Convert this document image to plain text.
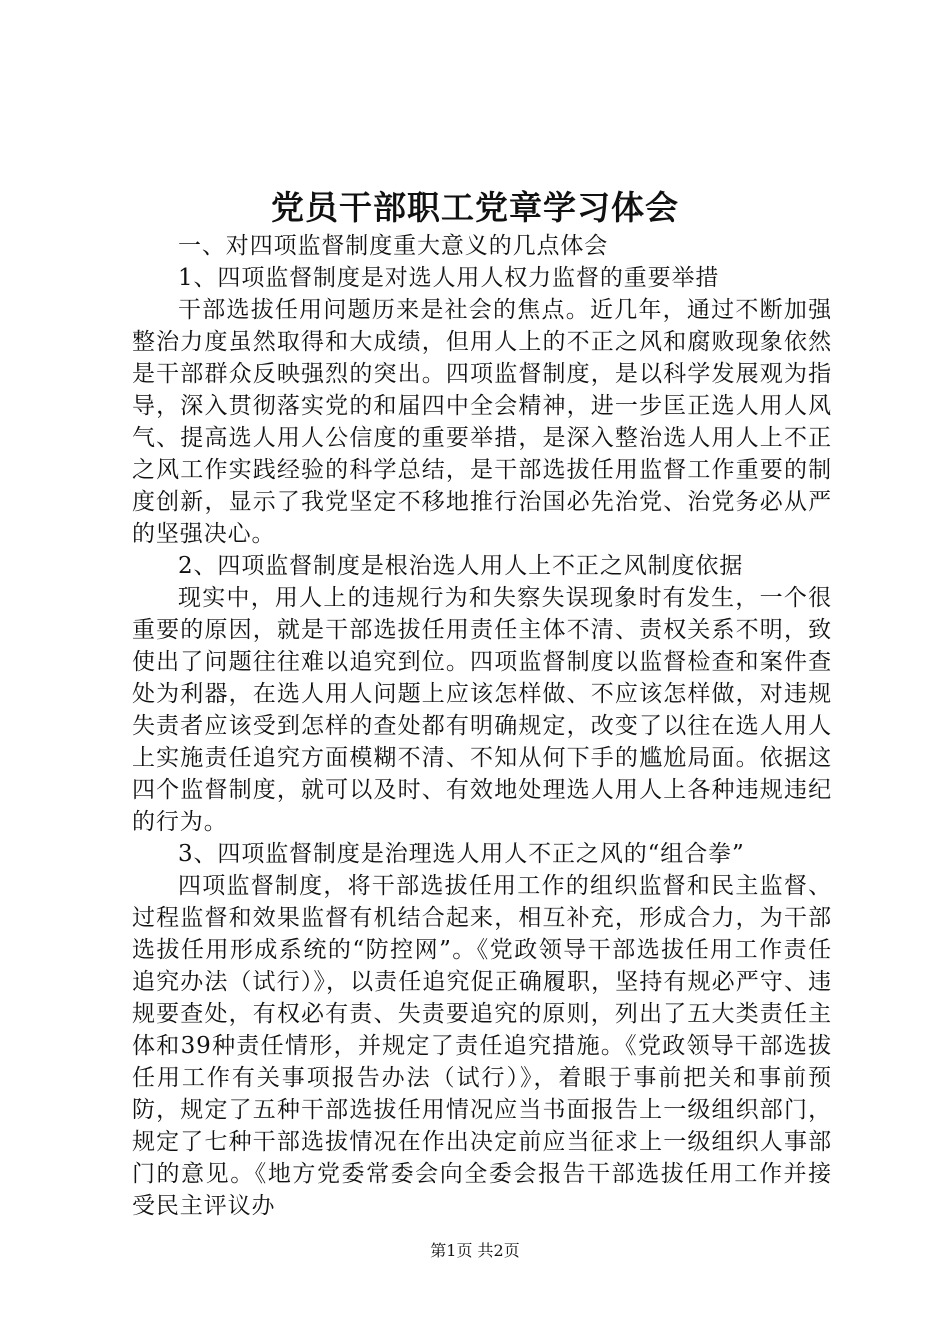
党员干部职工党章学习体会

一、对四项监督制度重大意义的几点体会

1、四项监督制度是对选人用人权力监督的重要举措

干部选拔任用问题历来是社会的焦点。近几年，通过不断加强整治力度虽然取得和大成绩，但用人上的不正之风和腐败现象依然是干部群众反映强烈的突出。四项监督制度，是以科学发展观为指导，深入贯彻落实党的和届四中全会精神，进一步匡正选人用人风气、提高选人用人公信度的重要举措，是深入整治选人用人上不正之风工作实践经验的科学总结，是干部选拔任用监督工作重要的制度创新，显示了我党坚定不移地推行治国必先治党、治党务必从严的坚强决心。

2、四项监督制度是根治选人用人上不正之风制度依据

现实中，用人上的违规行为和失察失误现象时有发生，一个很重要的原因，就是干部选拔任用责任主体不清、责权关系不明，致使出了问题往往难以追究到位。四项监督制度以监督检查和案件查处为利器，在选人用人问题上应该怎样做、不应该怎样做，对违规失责者应该受到怎样的查处都有明确规定，改变了以往在选人用人上实施责任追究方面模糊不清、不知从何下手的尴尬局面。依据这四个监督制度，就可以及时、有效地处理选人用人上各种违规违纪的行为。

3、四项监督制度是治理选人用人不正之风的“组合拳”

四项监督制度，将干部选拔任用工作的组织监督和民主监督、过程监督和效果监督有机结合起来，相互补充，形成合力，为干部选拔任用形成系统的“防控网”。《党政领导干部选拔任用工作责任追究办法（试行）》，以责任追究促正确履职，坚持有规必严守、违规要查处，有权必有责、失责要追究的原则，列出了五大类责任主体和39种责任情形，并规定了责任追究措施。《党政领导干部选拔任用工作有关事项报告办法（试行）》，着眼于事前把关和事前预防，规定了五种干部选拔任用情况应当书面报告上一级组织部门，规定了七种干部选拔情况在作出决定前应当征求上一级组织人事部门的意见。《地方党委常委会向全委会报告干部选拔任用工作并接受民主评议办

第1页 共2页
